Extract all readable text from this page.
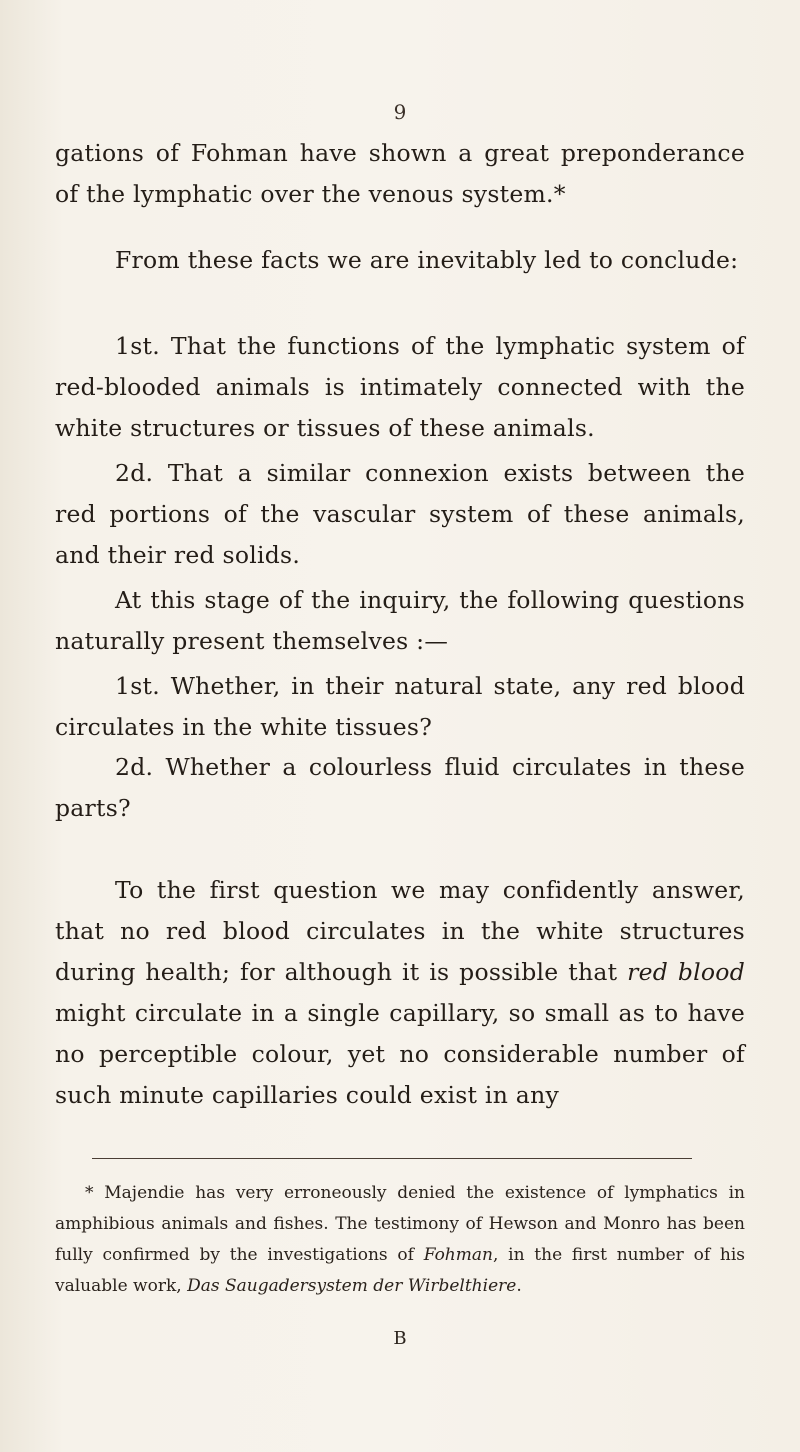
9
gations of Fohman have shown a great preponderance of the lymphatic over the venous system.*
From these facts we are inevitably led to conclude:
1st. That the functions of the lymphatic system of red-blooded animals is intimately connected with the white structures or tissues of these animals.
2d. That a similar connexion exists between the red portions of the vascular system of these animals, and their red solids.
At this stage of the inquiry, the following questions naturally present themselves :—
1st. Whether, in their natural state, any red blood circulates in the white tissues?
2d. Whether a colourless fluid circulates in these parts?
To the first question we may confidently answer, that no red blood circulates in the white structures during health; for although it is possible that red blood might circulate in a single capillary, so small as to have no perceptible colour, yet no considerable number of such minute capillaries could exist in any
* Majendie has very erroneously denied the existence of lymphatics in amphibious animals and fishes. The testimony of Hewson and Monro has been fully confirmed by the investigations of Fohman, in the first number of his valuable work, Das Saugadersystem der Wirbelthiere.
B
